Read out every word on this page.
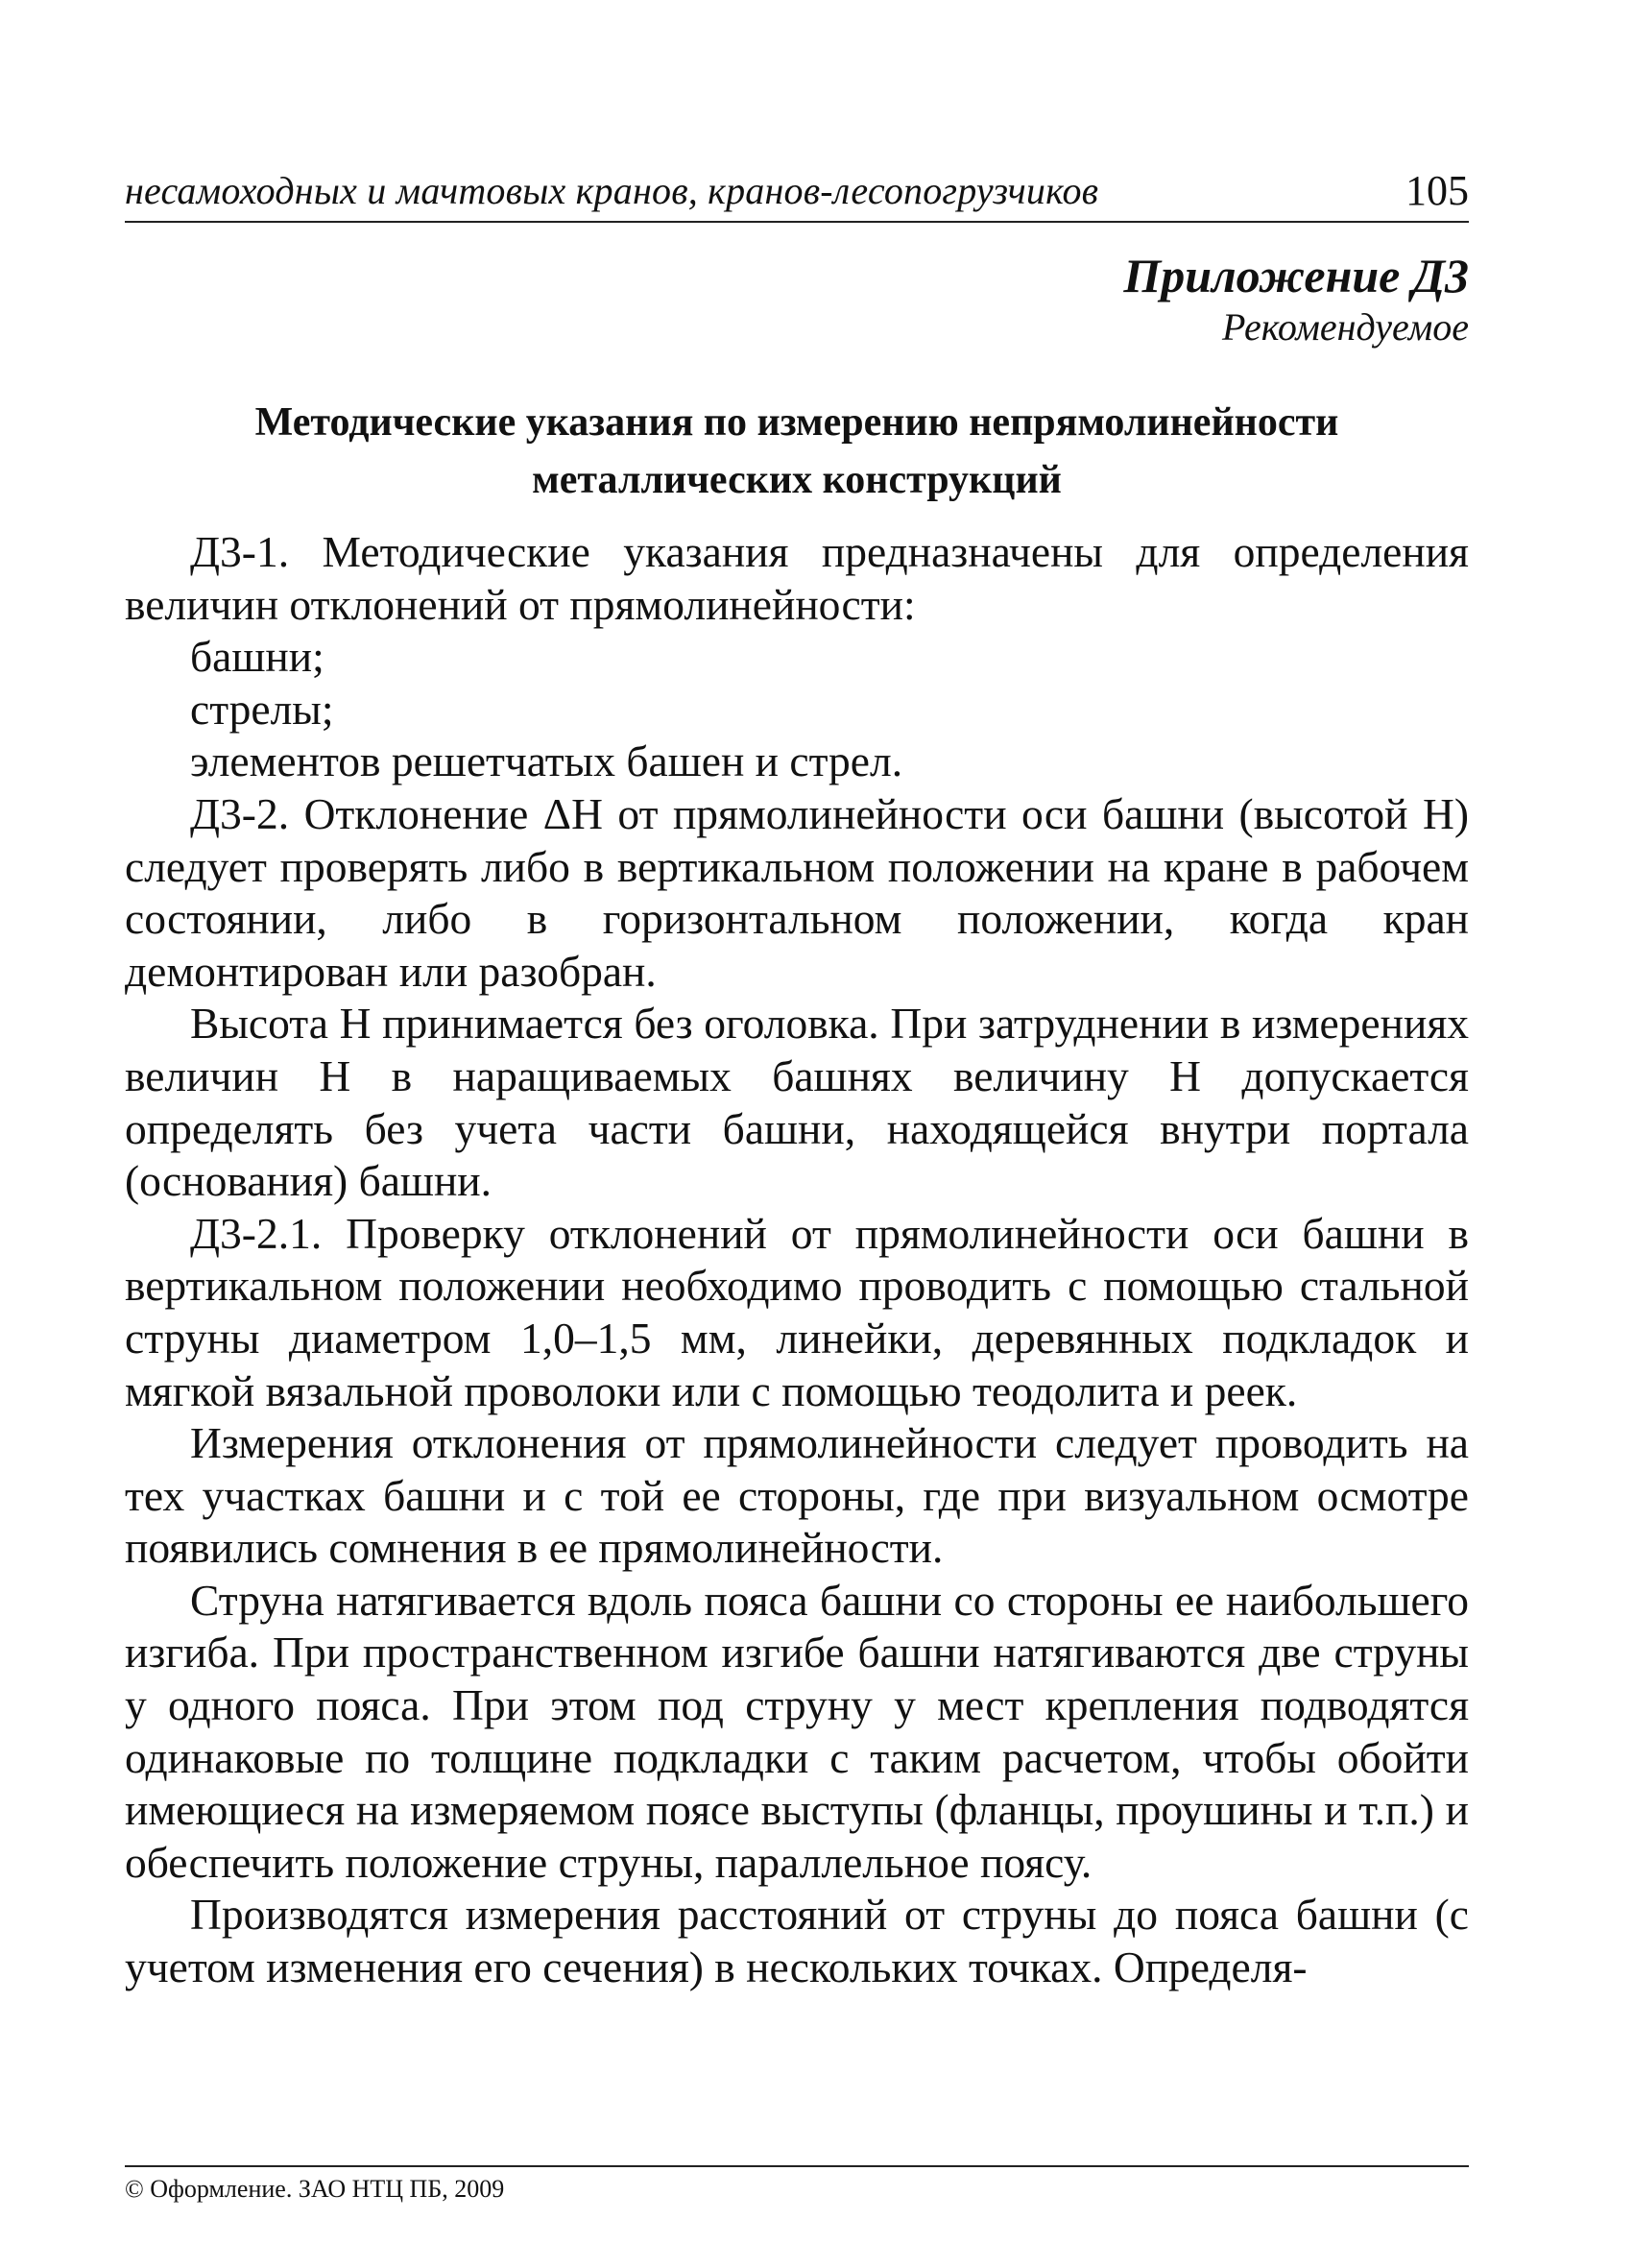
несамоходных и мачтовых кранов, кранов-лесопогрузчиков	105
Приложение Д3
Рекомендуемое
Методические указания по измерению непрямолинейности
металлических конструкций

Д3-1. Методические указания предназначены для определения величин отклонений от прямолинейности:

башни;

стрелы;

элементов решетчатых башен и стрел.

Д3-2. Отклонение ΔH от прямолинейности оси башни (высотой H) следует проверять либо в вертикальном положении на кране в рабочем состоянии, либо в горизонтальном положении, когда кран демонтирован или разобран.

Высота H принимается без оголовка. При затруднении в измерениях величин H в наращиваемых башнях величину H допускается определять без учета части башни, находящейся внутри портала (основания) башни.

Д3-2.1. Проверку отклонений от прямолинейности оси башни в вертикальном положении необходимо проводить с помощью стальной струны диаметром 1,0–1,5 мм, линейки, деревянных подкладок и мягкой вязальной проволоки или с помощью теодолита и реек.

Измерения отклонения от прямолинейности следует проводить на тех участках башни и с той ее стороны, где при визуальном осмотре появились сомнения в ее прямолинейности.

Струна натягивается вдоль пояса башни со стороны ее наибольшего изгиба. При пространственном изгибе башни натягиваются две струны у одного пояса. При этом под струну у мест крепления подводятся одинаковые по толщине подкладки с таким расчетом, чтобы обойти имеющиеся на измеряемом поясе выступы (фланцы, проушины и т.п.) и обеспечить положение струны, параллельное поясу.

Производятся измерения расстояний от струны до пояса башни (с учетом изменения его сечения) в нескольких точках. Определя-

© Оформление. ЗАО НТЦ ПБ, 2009
